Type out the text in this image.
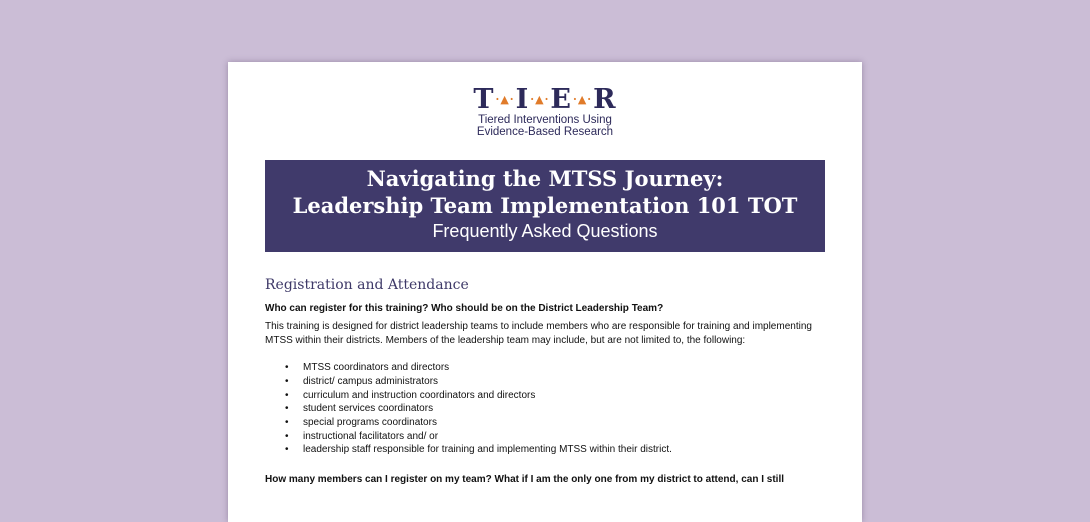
T·▲·I·▲·E·▲·R
Tiered Interventions Using
Evidence-Based Research
Navigating the MTSS Journey:
Leadership Team Implementation 101 TOT
Frequently Asked Questions
Registration and Attendance
Who can register for this training? Who should be on the District Leadership Team?
This training is designed for district leadership teams to include members who are responsible for training and implementing MTSS within their districts. Members of the leadership team may include, but are not limited to, the following:
• MTSS coordinators and directors
• district/ campus administrators
• curriculum and instruction coordinators and directors
• student services coordinators
• special programs coordinators
• instructional facilitators and/ or
• leadership staff responsible for training and implementing MTSS within their district.
How many members can I register on my team? What if I am the only one from my district to attend, can I still
